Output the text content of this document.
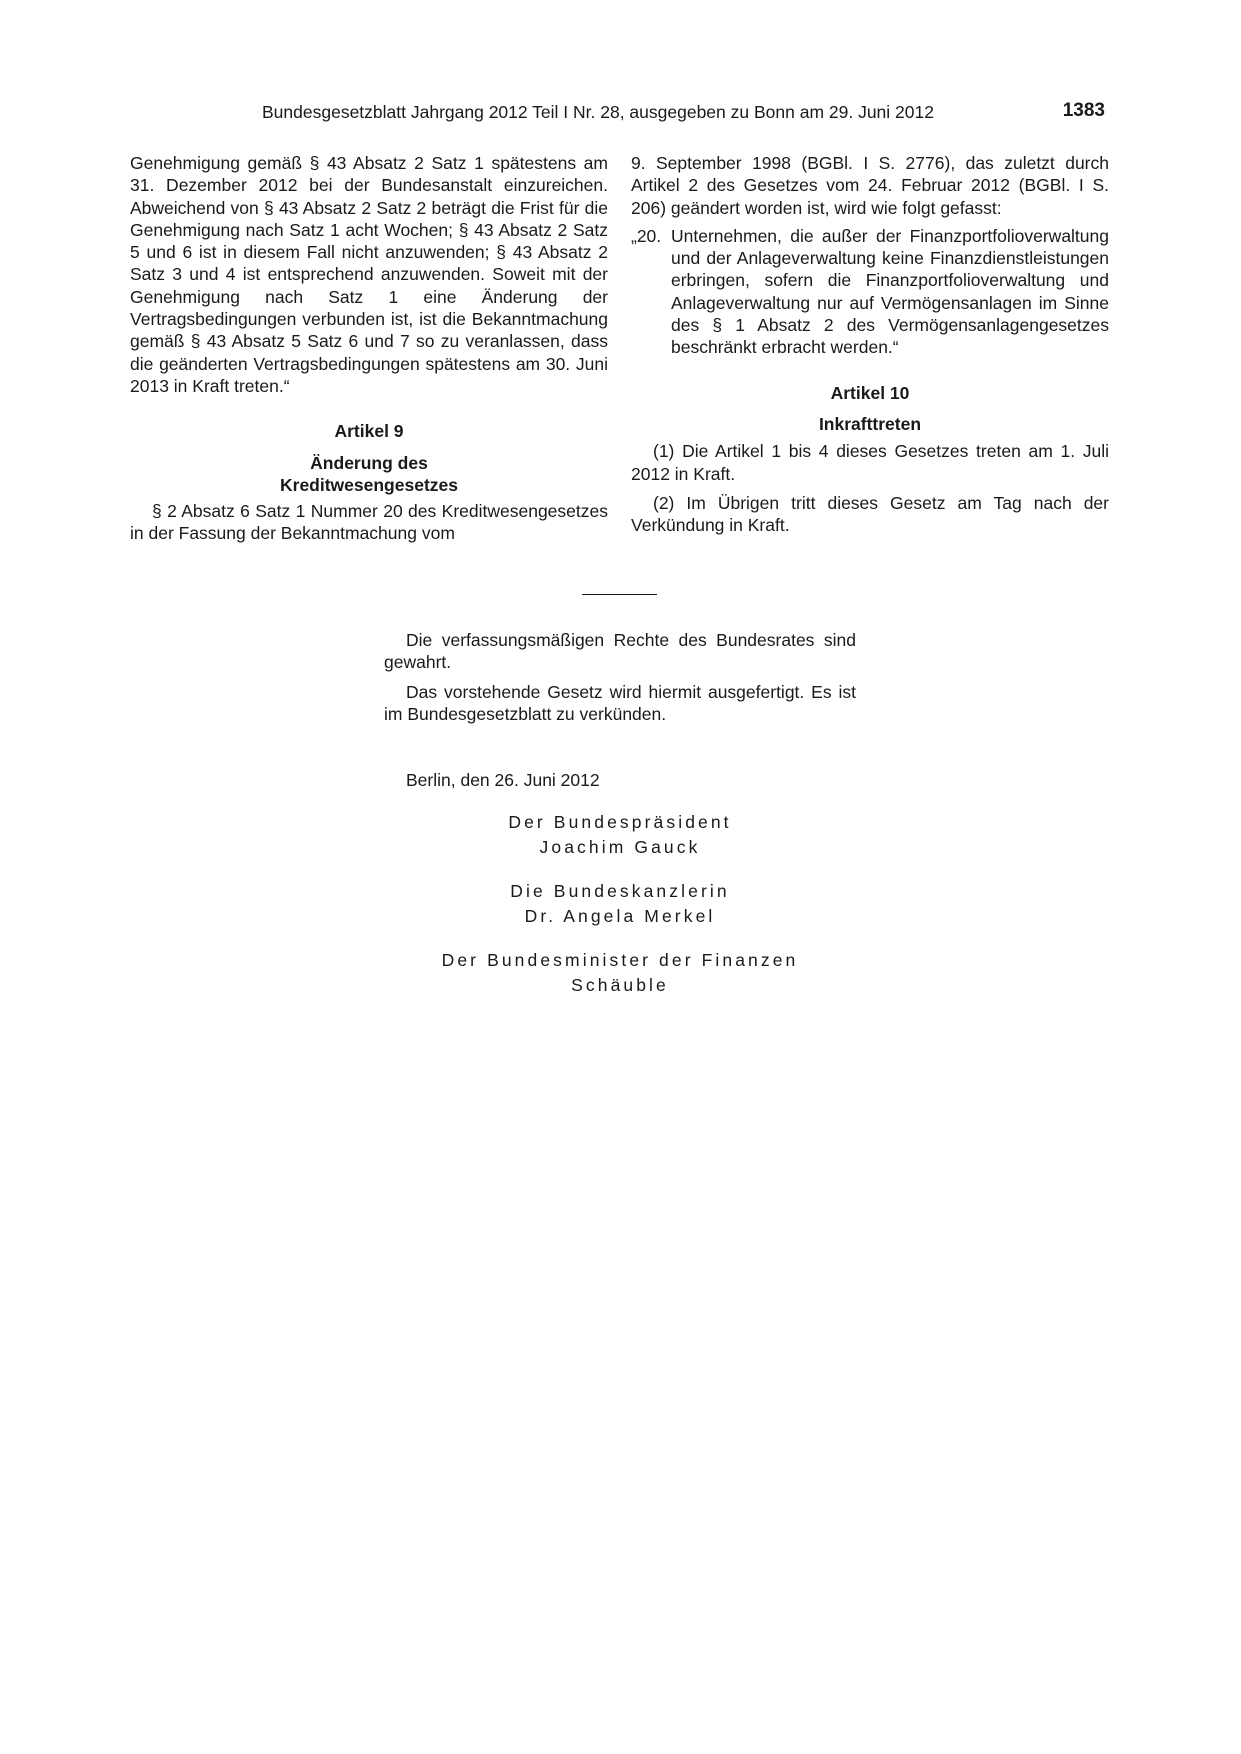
Bundesgesetzblatt Jahrgang 2012 Teil I Nr. 28, ausgegeben zu Bonn am 29. Juni 2012	1383

Genehmigung gemäß § 43 Absatz 2 Satz 1 spätestens am 31. Dezember 2012 bei der Bundesanstalt einzureichen. Abweichend von § 43 Absatz 2 Satz 2 beträgt die Frist für die Genehmigung nach Satz 1 acht Wochen; § 43 Absatz 2 Satz 5 und 6 ist in diesem Fall nicht anzuwenden; § 43 Absatz 2 Satz 3 und 4 ist entsprechend anzuwenden. Soweit mit der Genehmigung nach Satz 1 eine Änderung der Vertragsbedingungen verbunden ist, ist die Bekanntmachung gemäß § 43 Absatz 5 Satz 6 und 7 so zu veranlassen, dass die geänderten Vertragsbedingungen spätestens am 30. Juni 2013 in Kraft treten.“

Artikel 9

Änderung des

Kreditwesengesetzes

§ 2 Absatz 6 Satz 1 Nummer 20 des Kreditwesengesetzes in der Fassung der Bekanntmachung vom

9. September 1998 (BGBl. I S. 2776), das zuletzt durch Artikel 2 des Gesetzes vom 24. Februar 2012 (BGBl. I S. 206) geändert worden ist, wird wie folgt gefasst:

„20. Unternehmen, die außer der Finanzportfolioverwaltung und der Anlageverwaltung keine Finanzdienstleistungen erbringen, sofern die Finanzportfolioverwaltung und Anlageverwaltung nur auf Vermögensanlagen im Sinne des § 1 Absatz 2 des Vermögensanlagengesetzes beschränkt erbracht werden.“

Artikel 10

Inkrafttreten

(1) Die Artikel 1 bis 4 dieses Gesetzes treten am 1. Juli 2012 in Kraft.

(2) Im Übrigen tritt dieses Gesetz am Tag nach der Verkündung in Kraft.

Die verfassungsmäßigen Rechte des Bundesrates sind gewahrt.

Das vorstehende Gesetz wird hiermit ausgefertigt. Es ist im Bundesgesetzblatt zu verkünden.

Berlin, den 26. Juni 2012

Der Bundespräsident
Joachim Gauck
Die Bundeskanzlerin
Dr. Angela Merkel
Der Bundesminister der Finanzen
Schäuble
